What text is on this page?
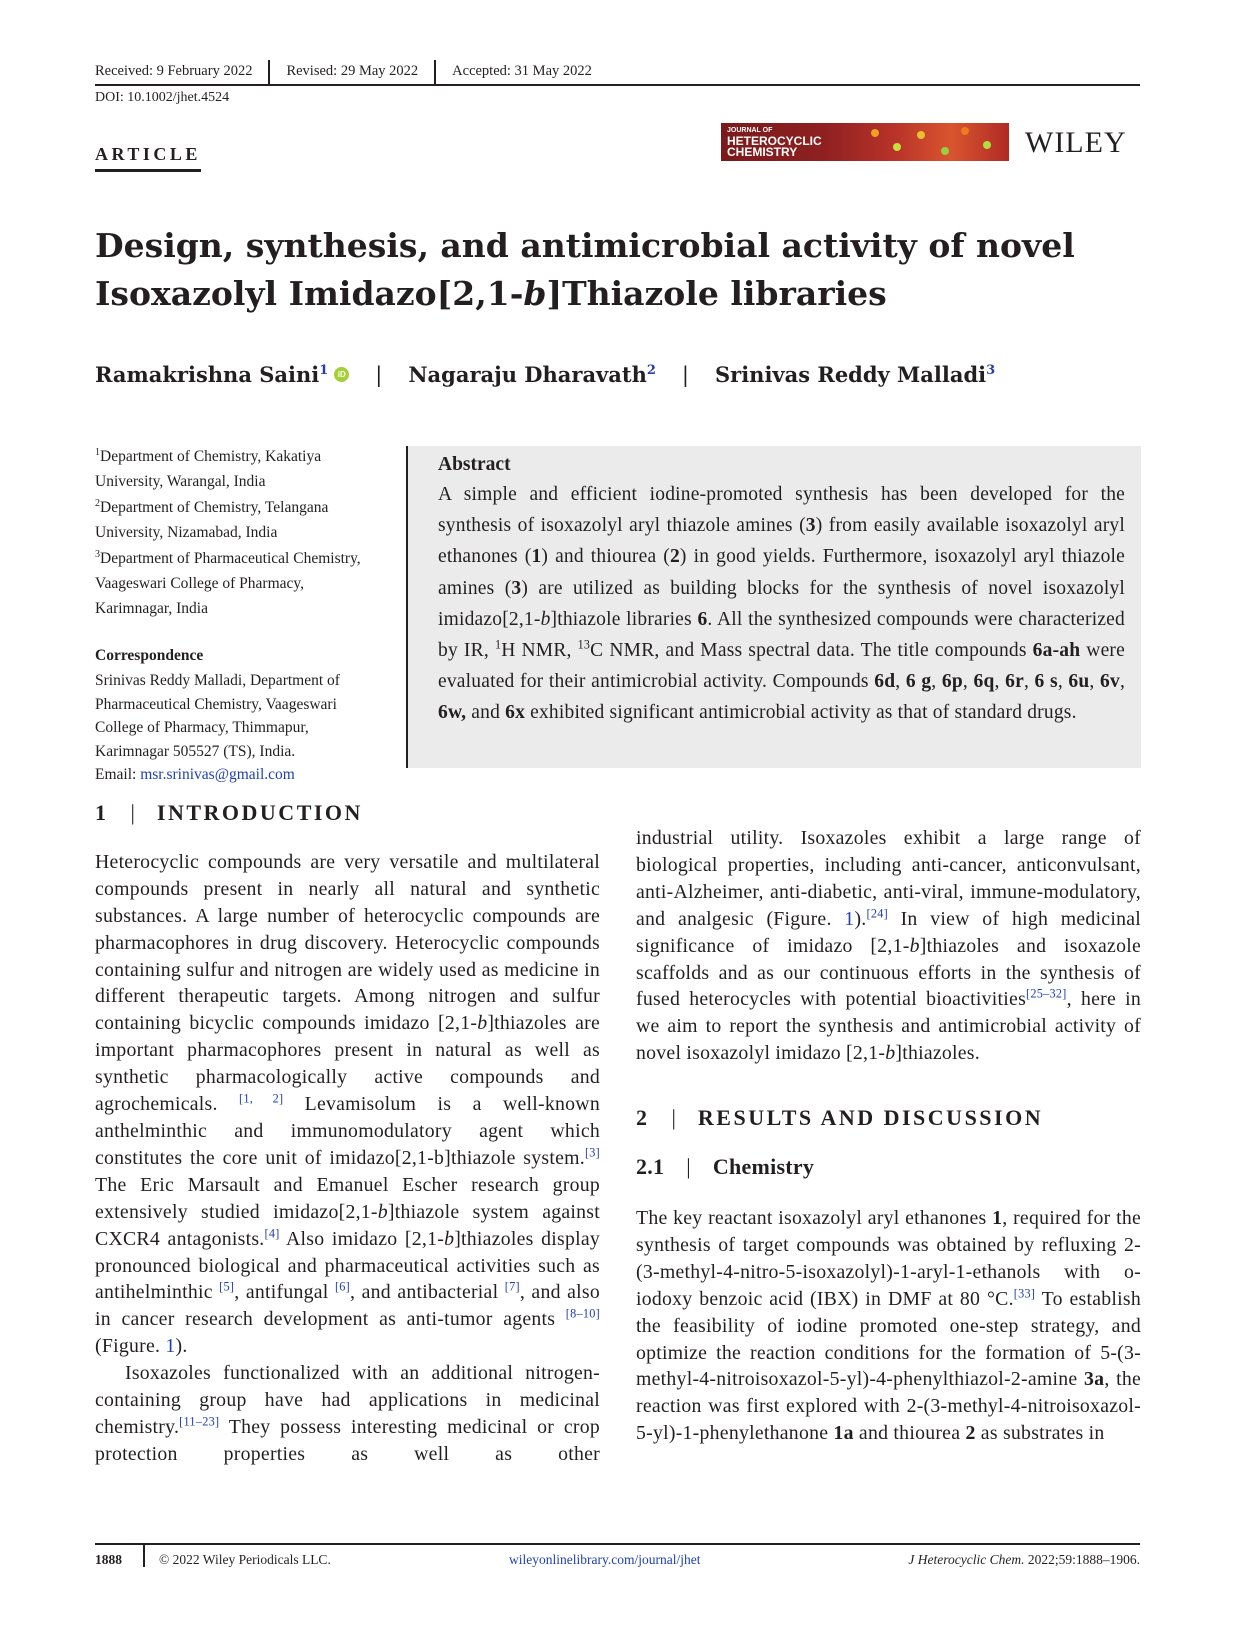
Received: 9 February 2022	Revised: 29 May 2022	Accepted: 31 May 2022
DOI: 10.1002/jhet.4524
ARTICLE
JOURNAL OF
HETEROCYCLIC
CHEMISTRY	WILEY
Design, synthesis, and antimicrobial activity of novel
Isoxazolyl Imidazo[2,1-b]Thiazole libraries
Ramakrishna Saini$^1$	iD | Nagaraju Dharavath$^2$ | Srinivas Reddy Malladi$^3$

$^1$Department of Chemistry, Kakatiya University, Warangal, India

$^2$Department of Chemistry, Telangana University, Nizamabad, India

$^3$Department of Pharmaceutical Chemistry, Vaageswari College of Pharmacy, Karimnagar, India

Correspondence

Srinivas Reddy Malladi, Department of Pharmaceutical Chemistry, Vaageswari College of Pharmacy, Thimmapur, Karimnagar 505527 (TS), India.
Email: msr.srinivas@gmail.com

Abstract

A simple and efficient iodine-promoted synthesis has been developed for the synthesis of isoxazolyl aryl thiazole amines (3) from easily available isoxazolyl aryl ethanones (1) and thiourea (2) in good yields. Furthermore, isoxazolyl aryl thiazole amines (3) are utilized as building blocks for the synthesis of novel isoxazolyl imidazo[2,1-b]thiazole libraries 6. All the synthesized compounds were characterized by IR, $^1$H NMR, $^{13}$C NMR, and Mass spectral data. The title compounds 6a-ah were evaluated for their antimicrobial activity. Compounds 6d, 6 g, 6p, 6q, 6r, 6 s, 6u, 6v, 6w, and 6x exhibited significant antimicrobial activity as that of standard drugs.

1 | INTRODUCTION

Heterocyclic compounds are very versatile and multilateral compounds present in nearly all natural and synthetic substances. A large number of heterocyclic compounds are pharmacophores in drug discovery. Heterocyclic compounds containing sulfur and nitrogen are widely used as medicine in different therapeutic targets. Among nitrogen and sulfur containing bicyclic compounds imidazo [2,1-b]thiazoles are important pharmacophores present in natural as well as synthetic pharmacologically active compounds and agrochemicals. [1, 2] Levamisolum is a well-known anthelminthic and immunomodulatory agent which constitutes the core unit of imidazo[2,1-b]thiazole system.[3] The Eric Marsault and Emanuel Escher research group extensively studied imidazo[2,1-b]thiazole system against CXCR4 antagonists.[4] Also imidazo [2,1-b]thiazoles display pronounced biological and pharmaceutical activities such as antihelminthic [5], antifungal [6], and antibacterial [7], and also in cancer research development as anti-tumor agents [8–10] (Figure. 1).

Isoxazoles functionalized with an additional nitrogen-containing group have had applications in medicinal chemistry.[11–23] They possess interesting medicinal or crop protection properties as well as other

industrial utility. Isoxazoles exhibit a large range of biological properties, including anti-cancer, anticonvulsant, anti-Alzheimer, anti-diabetic, anti-viral, immune-modulatory, and analgesic (Figure. 1).[24] In view of high medicinal significance of imidazo [2,1-b]thiazoles and isoxazole scaffolds and as our continuous efforts in the synthesis of fused heterocycles with potential bioactivities[25–32], here in we aim to report the synthesis and antimicrobial activity of novel isoxazolyl imidazo [2,1-b]thiazoles.

2 | RESULTS AND DISCUSSION
2.1 | Chemistry

The key reactant isoxazolyl aryl ethanones 1, required for the synthesis of target compounds was obtained by refluxing 2-(3-methyl-4-nitro-5-isoxazolyl)-1-aryl-1-ethanols with o-iodoxy benzoic acid (IBX) in DMF at 80 °C.[33] To establish the feasibility of iodine promoted one-step strategy, and optimize the reaction conditions for the formation of 5-(3-methyl-4-nitroisoxazol-5-yl)-4-phenylthiazol-2-amine 3a, the reaction was first explored with 2-(3-methyl-4-nitroisoxazol-5-yl)-1-phenylethanone 1a and thiourea 2 as substrates in

1888	© 2022 Wiley Periodicals LLC.	wileyonlinelibrary.com/journal/jhet	J Heterocyclic Chem. 2022;59:1888–1906.
